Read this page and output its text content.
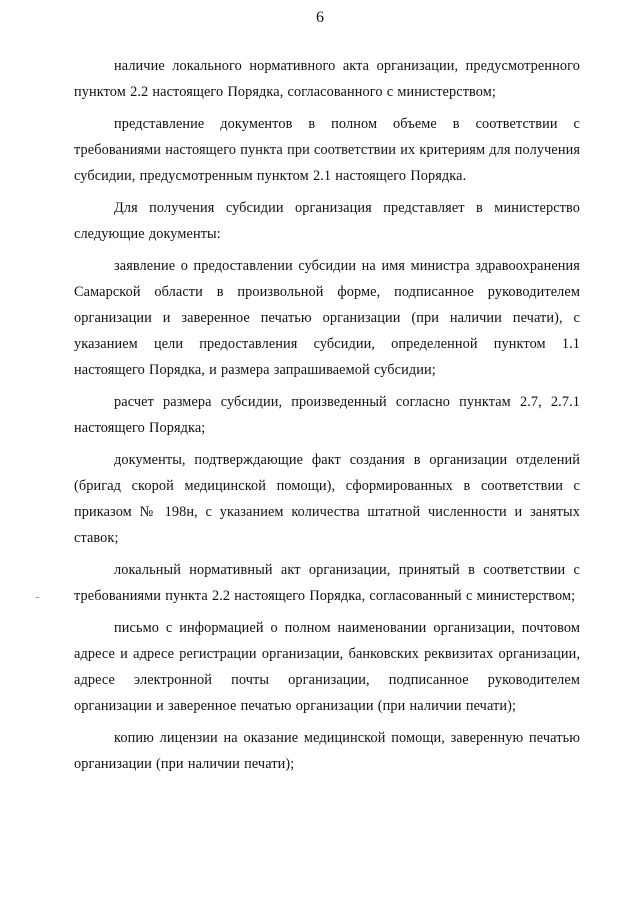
6

наличие локального нормативного акта организации, предусмотренного пунктом 2.2 настоящего Порядка, согласованного с министерством;

представление документов в полном объеме в соответствии с требованиями настоящего пункта при соответствии их критериям для получения субсидии, предусмотренным пунктом 2.1 настоящего Порядка.

Для получения субсидии организация представляет в министерство следующие документы:

заявление о предоставлении субсидии на имя министра здравоохранения Самарской области в произвольной форме, подписанное руководителем организации и заверенное печатью организации (при наличии печати), с указанием цели предоставления субсидии, определенной пунктом 1.1 настоящего Порядка, и размера запрашиваемой субсидии;

расчет размера субсидии, произведенный согласно пунктам 2.7, 2.7.1 настоящего Порядка;

документы, подтверждающие факт создания в организации отделений (бригад скорой медицинской помощи), сформированных в соответствии с приказом № 198н, с указанием количества штатной численности и занятых ставок;

локальный нормативный акт организации, принятый в соответствии с требованиями пункта 2.2 настоящего Порядка, согласованный с министерством;

письмо с информацией о полном наименовании организации, почтовом адресе и адресе регистрации организации, банковских реквизитах организации, адресе электронной почты организации, подписанное руководителем организации и заверенное печатью организации (при наличии печати);

копию лицензии на оказание медицинской помощи, заверенную печатью организации (при наличии печати);
